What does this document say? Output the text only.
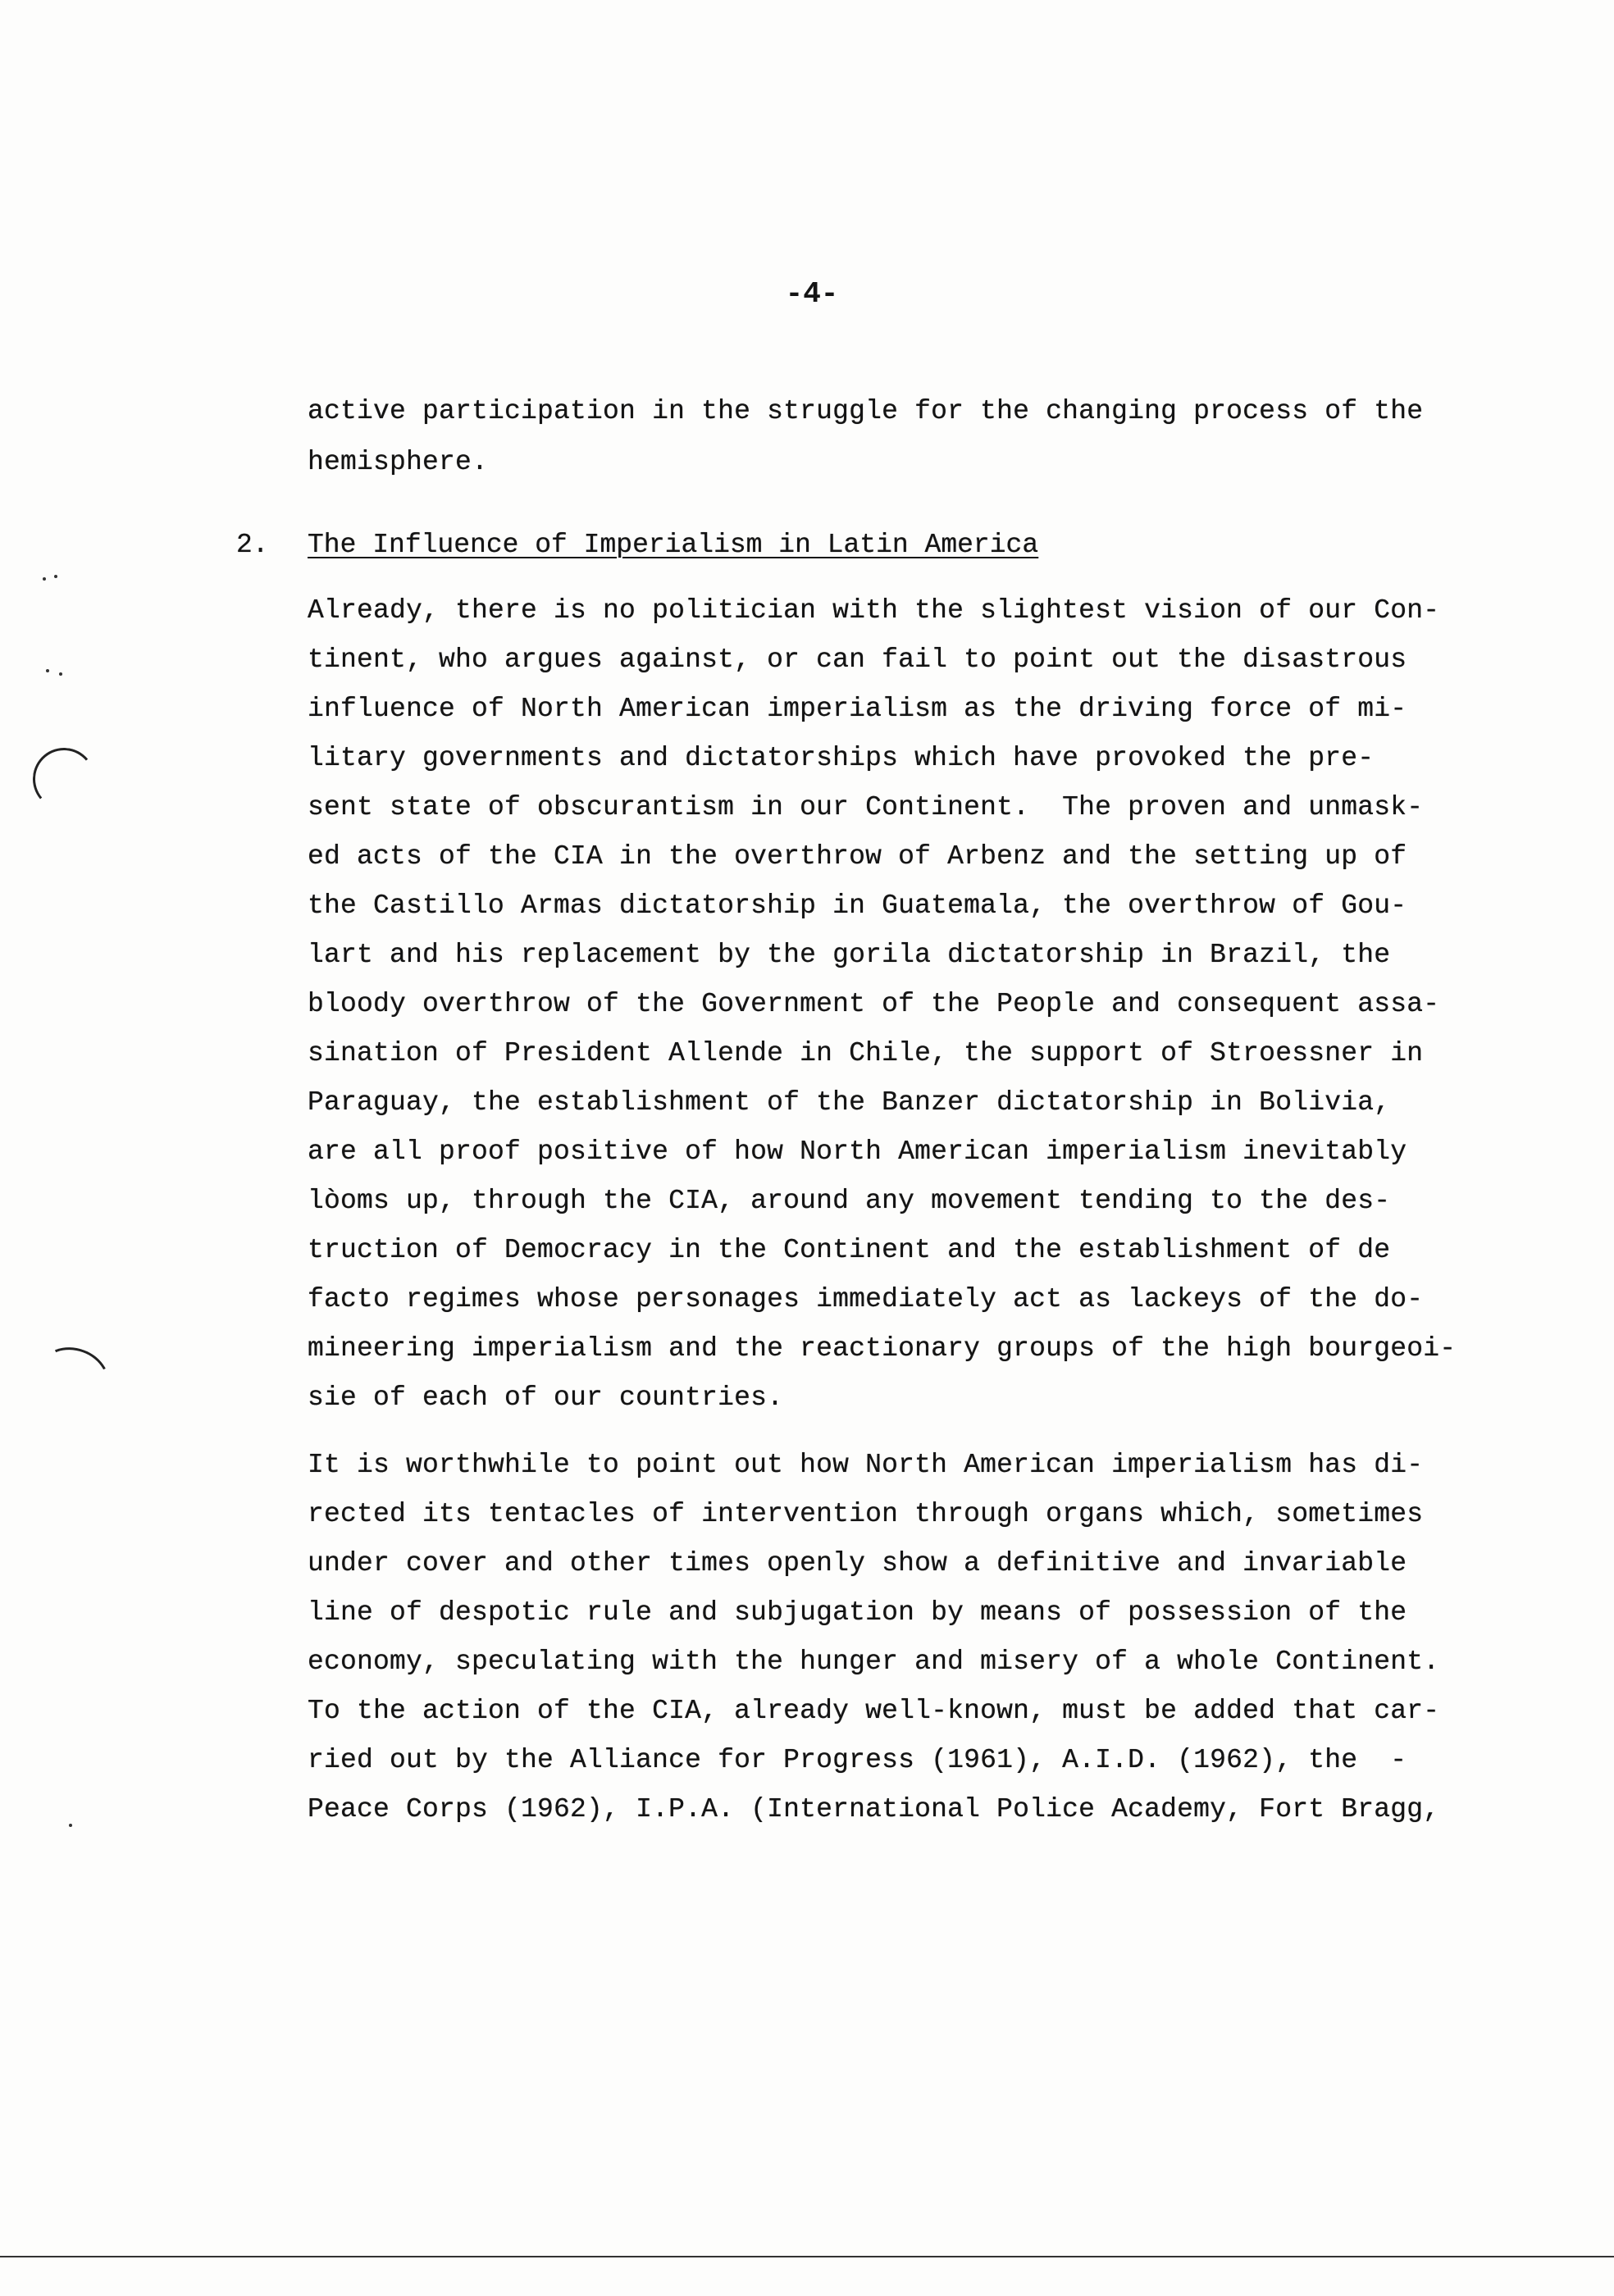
-4-
active participation in the struggle for the changing process of the
hemisphere.
2. The Influence of Imperialism in Latin America
Already, there is no politician with the slightest vision of our Con-
tinent, who argues against, or can fail to point out the disastrous
influence of North American imperialism as the driving force of mi-
litary governments and dictatorships which have provoked the pre-
sent state of obscurantism in our Continent.  The proven and unmask-
ed acts of the CIA in the overthrow of Arbenz and the setting up of
the Castillo Armas dictatorship in Guatemala, the overthrow of Gou-
lart and his replacement by the gorila dictatorship in Brazil, the
bloody overthrow of the Government of the People and consequent assa-
sination of President Allende in Chile, the support of Stroessner in
Paraguay, the establishment of the Banzer dictatorship in Bolivia,
are all proof positive of how North American imperialism inevitably
lòoms up, through the CIA, around any movement tending to the des-
truction of Democracy in the Continent and the establishment of de
facto regimes whose personages immediately act as lackeys of the do-
mineering imperialism and the reactionary groups of the high bourgeoi-
sie of each of our countries.
It is worthwhile to point out how North American imperialism has di-
rected its tentacles of intervention through organs which, sometimes
under cover and other times openly show a definitive and invariable
line of despotic rule and subjugation by means of possession of the
economy, speculating with the hunger and misery of a whole Continent.
To the action of the CIA, already well-known, must be added that car-
ried out by the Alliance for Progress (1961), A.I.D. (1962), the  -
Peace Corps (1962), I.P.A. (International Police Academy, Fort Bragg,
